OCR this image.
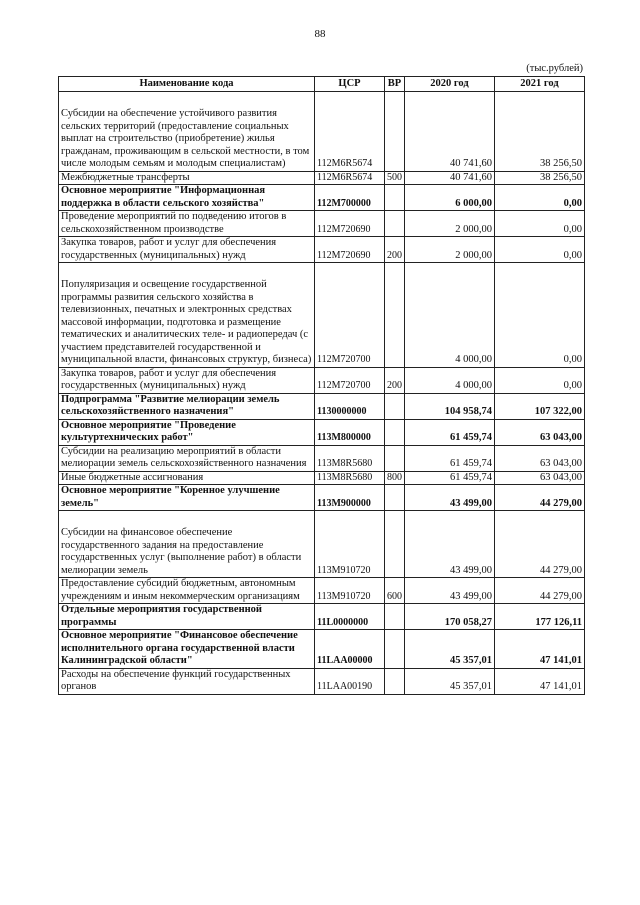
88
(тыс.рублей)
Наименование кода	ЦСР	ВР	2020 год	2021 год
Субсидии на обеспечение устойчивого развития сельских территорий (предоставление социальных выплат на строительство (приобретение) жилья гражданам, проживающим в сельской местности, в том числе молодым семьям и молодым специалистам)	112M6R5674		40 741,60	38 256,50
Межбюджетные трансферты	112M6R5674	500	40 741,60	38 256,50
Основное мероприятие "Информационная поддержка в области сельского хозяйства"	112M700000		6 000,00	0,00
Проведение мероприятий по подведению итогов в сельскохозяйственном производстве	112M720690		2 000,00	0,00
Закупка товаров, работ и услуг для обеспечения государственных (муниципальных) нужд	112M720690	200	2 000,00	0,00
Популяризация и освещение государственной программы развития сельского хозяйства в телевизионных, печатных и электронных средствах массовой информации, подготовка и размещение тематических и аналитических теле- и радиопередач (с участием представителей государственной и муниципальной власти, финансовых структур, бизнеса)	112M720700		4 000,00	0,00
Закупка товаров, работ и услуг для обеспечения государственных (муниципальных) нужд	112M720700	200	4 000,00	0,00
Подпрограмма "Развитие мелиорации земель сельскохозяйственного назначения"	1130000000		104 958,74	107 322,00
Основное мероприятие "Проведение культуртехнических работ"	113M800000		61 459,74	63 043,00
Субсидии на реализацию мероприятий в области мелиорации земель сельскохозяйственного назначения	113M8R5680		61 459,74	63 043,00
Иные бюджетные ассигнования	113M8R5680	800	61 459,74	63 043,00
Основное мероприятие "Коренное улучшение земель"	113M900000		43 499,00	44 279,00
Субсидии на финансовое обеспечение государственного задания на предоставление государственных услуг (выполнение работ) в области мелиорации земель	113M910720		43 499,00	44 279,00
Предоставление субсидий бюджетным, автономным учреждениям и иным некоммерческим организациям	113M910720	600	43 499,00	44 279,00
Отдельные мероприятия государственной программы	11L0000000		170 058,27	177 126,11
Основное мероприятие "Финансовое обеспечение исполнительного органа государственной власти Калининградской области"	11LAA00000		45 357,01	47 141,01
Расходы на обеспечение функций государственных органов	11LAA00190		45 357,01	47 141,01
